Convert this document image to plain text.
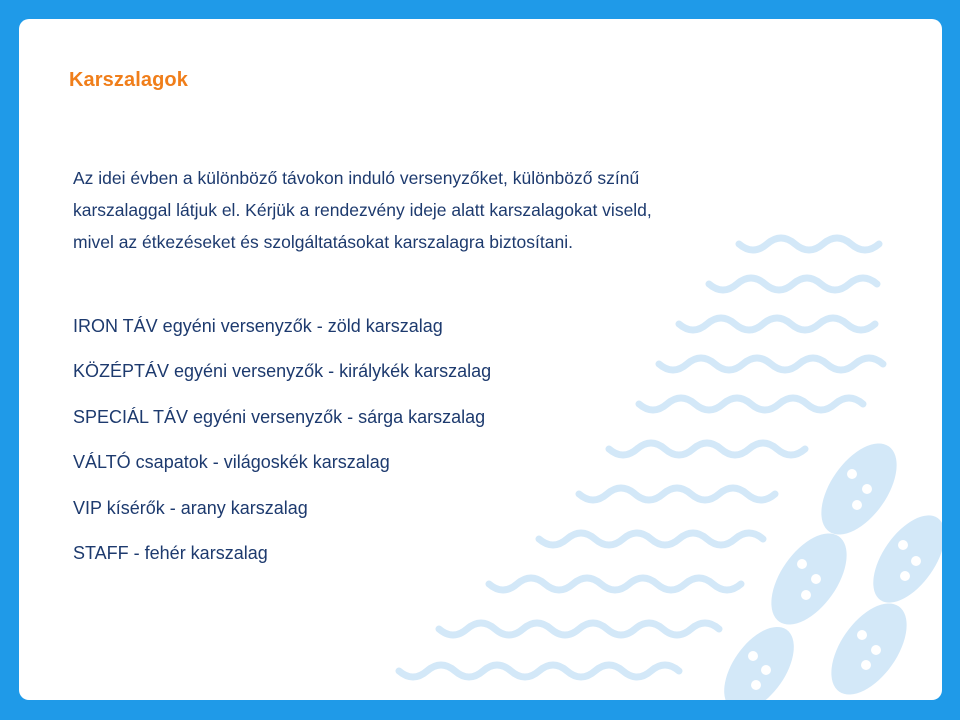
Karszalagok

Az idei évben a különböző távokon induló versenyzőket, különböző színű karszalaggal látjuk el. Kérjük a rendezvény ideje alatt karszalagokat viseld, mivel az étkezéseket és szolgáltatásokat karszalagra biztosítani.

IRON TÁV egyéni versenyzők - zöld karszalag
KÖZÉPTÁV egyéni versenyzők - királykék karszalag
SPECIÁL TÁV egyéni versenyzők - sárga karszalag
VÁLTÓ csapatok - világoskék karszalag
VIP kísérők - arany karszalag
STAFF - fehér karszalag
